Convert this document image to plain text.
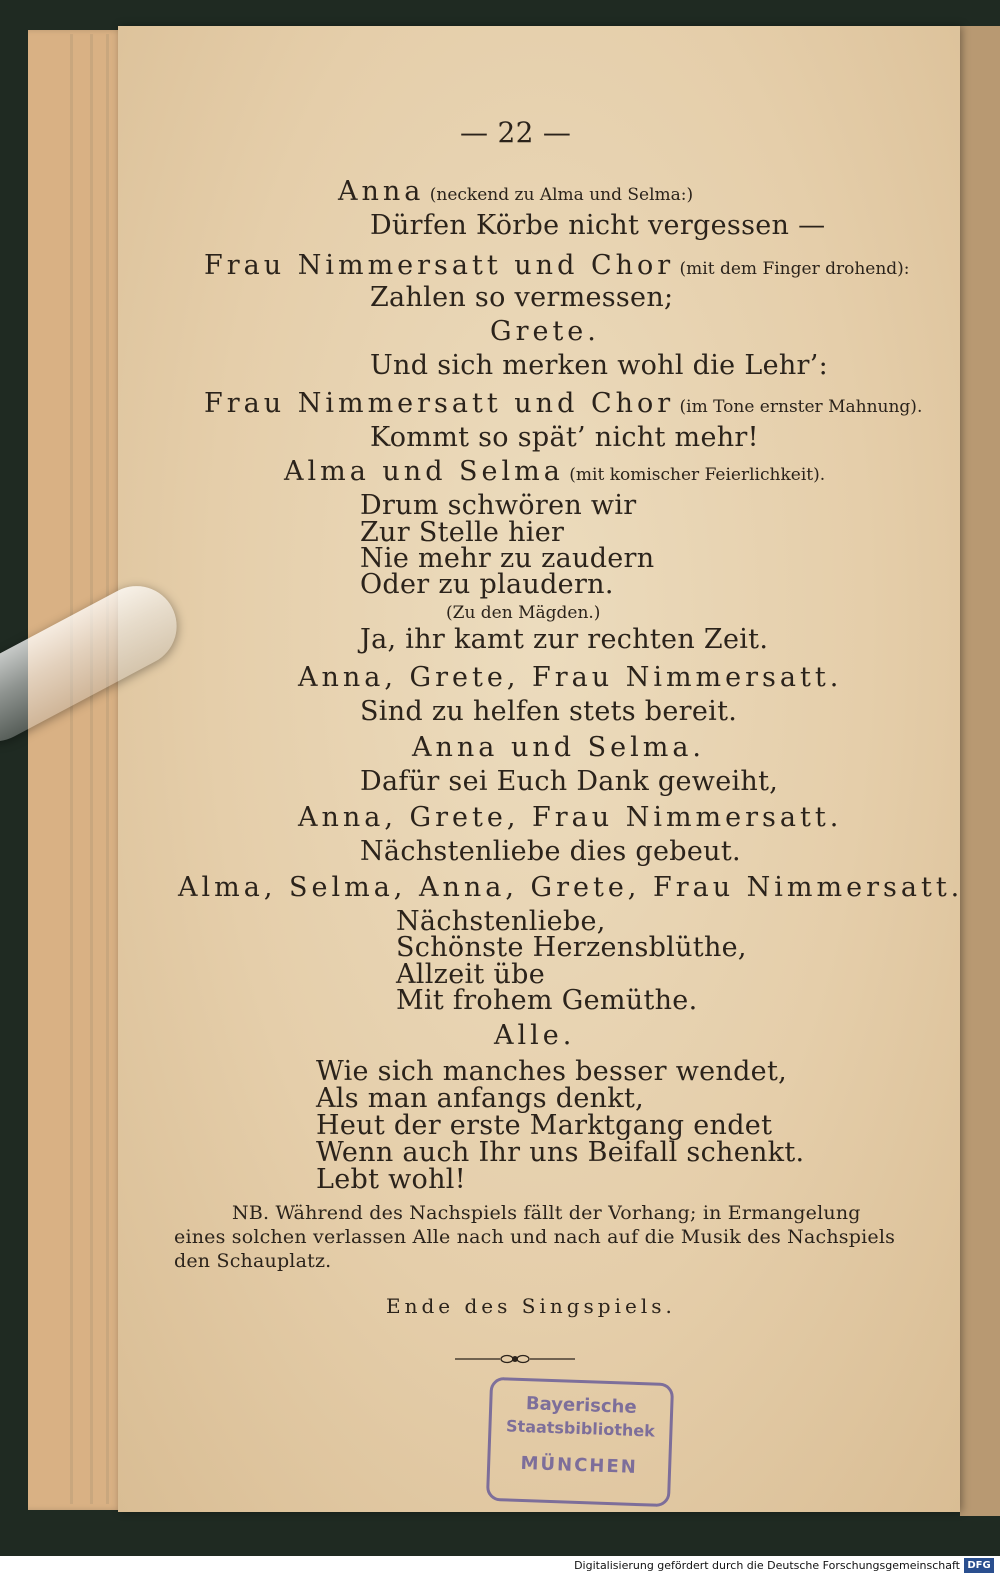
— 22 —
Anna (neckend zu Alma und Selma:)
Dürfen Körbe nicht vergessen —
Frau Nimmersatt und Chor (mit dem Finger drohend):
Zahlen so vermessen;
Grete.
Und sich merken wohl die Lehr’:
Frau Nimmersatt und Chor (im Tone ernster Mahnung).
Kommt so spät’ nicht mehr!
Alma und Selma (mit komischer Feierlichkeit).
Drum schwören wir
Zur Stelle hier
Nie mehr zu zaudern
Oder zu plaudern.
(Zu den Mägden.)
Ja, ihr kamt zur rechten Zeit.
Anna, Grete, Frau Nimmersatt.
Sind zu helfen stets bereit.
Anna und Selma.
Dafür sei Euch Dank geweiht,
Anna, Grete, Frau Nimmersatt.
Nächstenliebe dies gebeut.
Alma, Selma, Anna, Grete, Frau Nimmersatt.
Nächstenliebe,
Schönste Herzensblüthe,
Allzeit übe
Mit frohem Gemüthe.
Alle.
Wie sich manches besser wendet,
Als man anfangs denkt,
Heut der erste Marktgang endet
Wenn auch Ihr uns Beifall schenkt.
Lebt wohl!
NB. Während des Nachspiels fällt der Vorhang; in Ermangelung
eines solchen verlassen Alle nach und nach auf die Musik des Nachspiels
den Schauplatz.
Ende des Singspiels.
Bayerische
Staatsbibliothek
MÜNCHEN
Digitalisierung gefördert durch die Deutsche Forschungsgemeinschaft DFG
